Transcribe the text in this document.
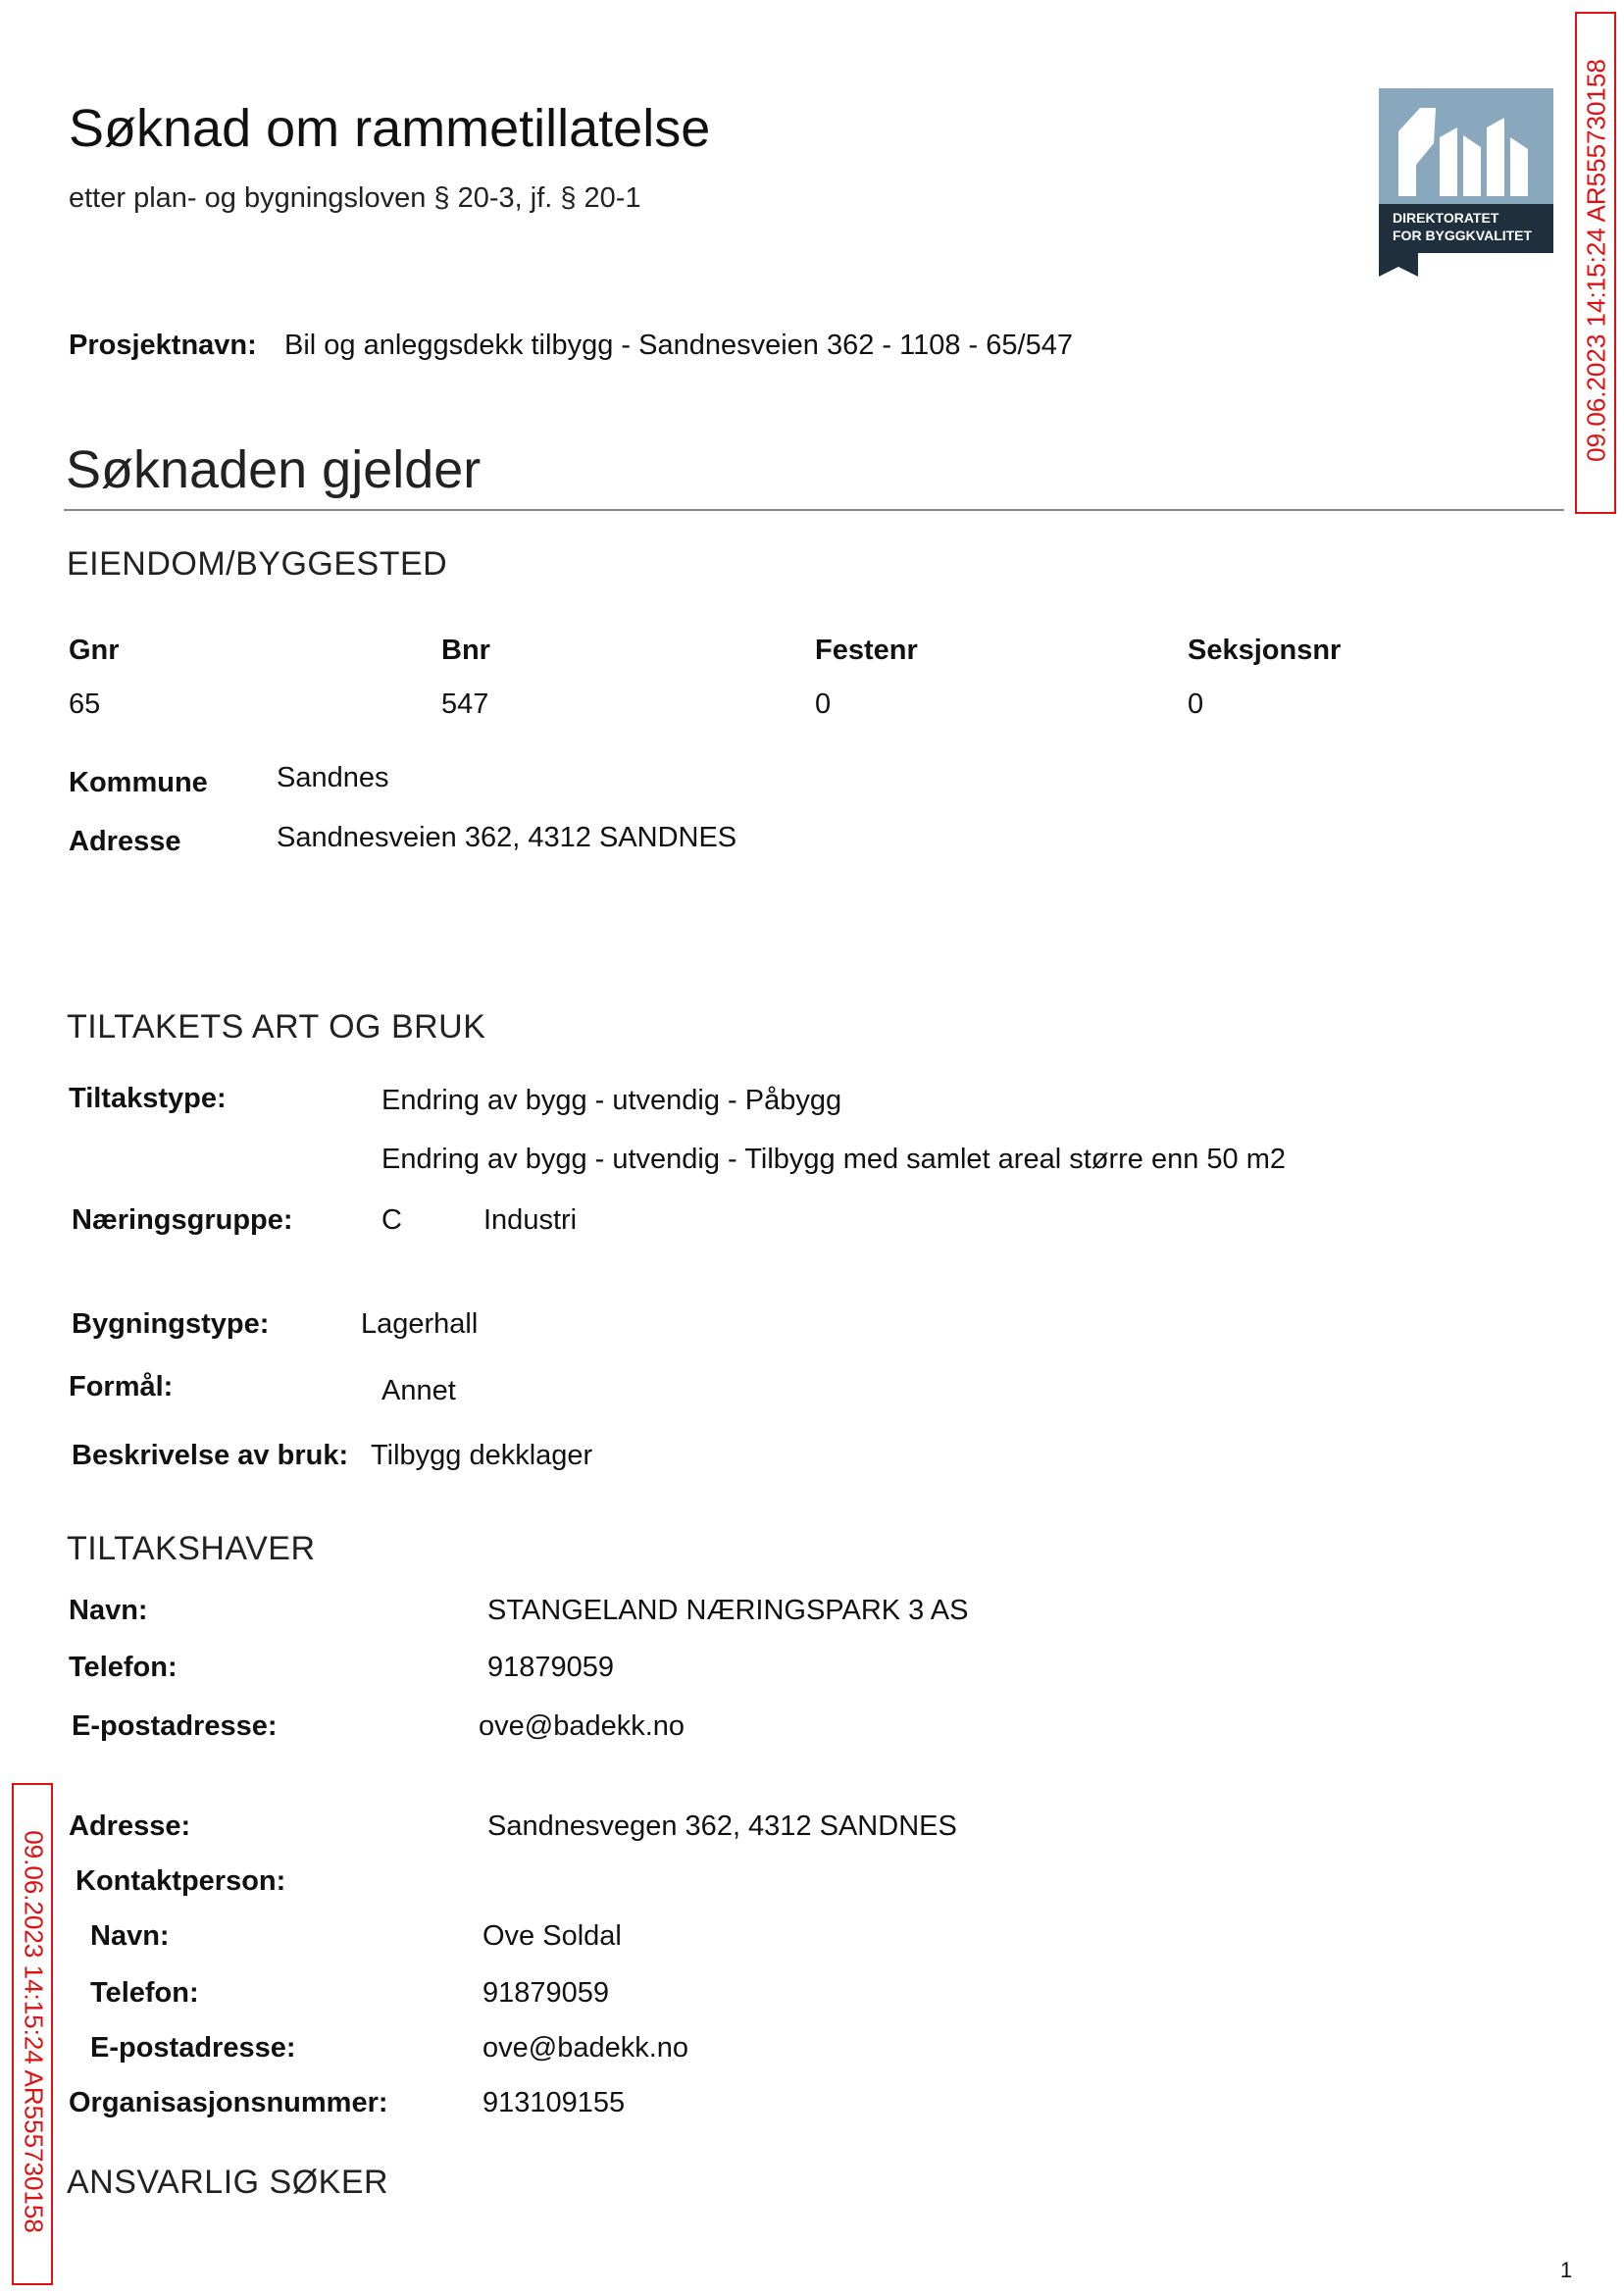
Søknad om rammetillatelse
etter plan- og bygningsloven § 20-3, jf. § 20-1
DIREKTORATET
FOR BYGGKVALITET 09.06.2023 14:15:24 AR555730158
09.06.2023 14:15:24 AR555730158
Prosjektnavn: Bil og anleggsdekk tilbygg - Sandnesveien 362 - 1108 - 65/547
Søknaden gjelder
EIENDOM/BYGGESTED
Gnr	Bnr	Festenr	Seksjonsnr
65	547	0	0
Kommune Sandnes
Adresse	Sandnesveien 362, 4312 SANDNES
TILTAKETS ART OG BRUK
Tiltakstype:	Endring av bygg - utvendig - Påbygg
Endring av bygg - utvendig - Tilbygg med samlet areal større enn 50 m2
Næringsgruppe:	C	Industri
Bygningstype:	Lagerhall
Formål:	Annet
Beskrivelse av bruk: Tilbygg dekklager
TILTAKSHAVER
Navn:	STANGELAND NÆRINGSPARK 3 AS
Telefon:	91879059
E-postadresse:	ove@badekk.no
Adresse:	Sandnesvegen 362, 4312 SANDNES
Kontaktperson:
Navn:	Ove Soldal
Telefon:	91879059
E-postadresse:	ove@badekk.no
Organisasjonsnummer:	913109155
ANSVARLIG SØKER
1
